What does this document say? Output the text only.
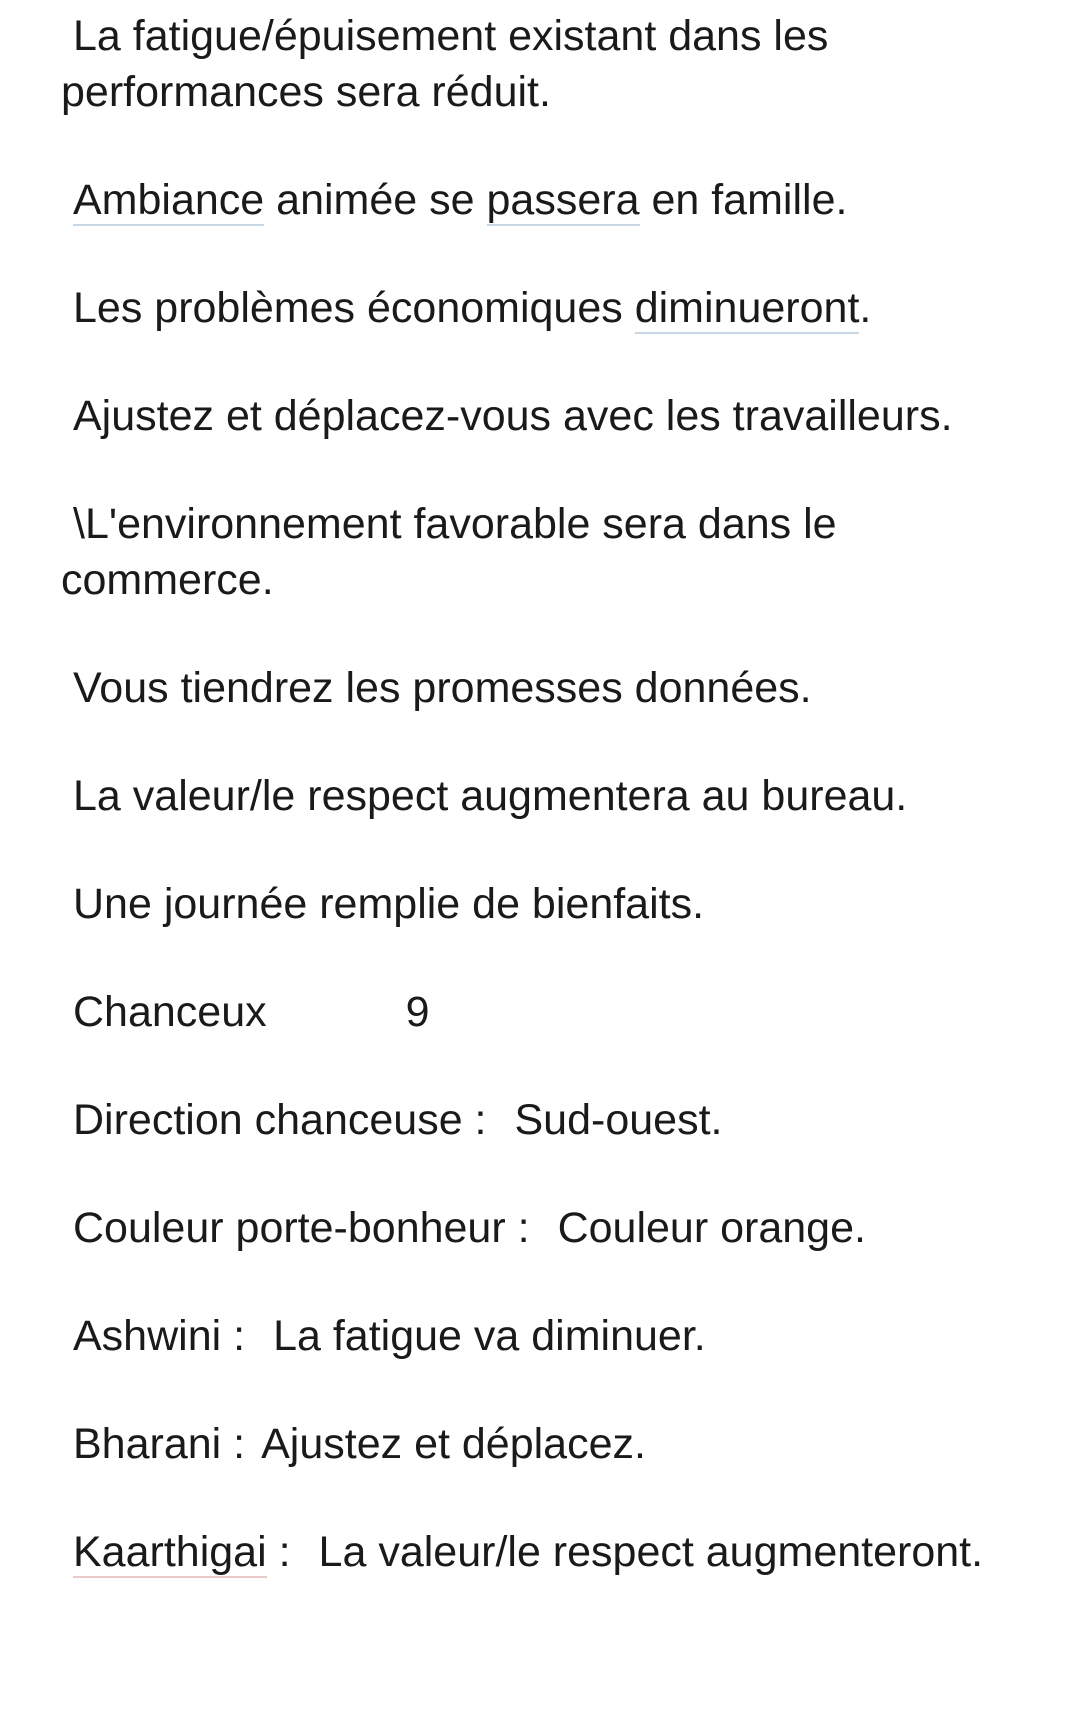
La fatigue/épuisement existant dans les performances sera réduit.

Ambiance animée se passera en famille.

Les problèmes économiques diminueront.

Ajustez et déplacez-vous avec les travailleurs.

\L'environnement favorable sera dans le commerce.

Vous tiendrez les promesses données.

La valeur/le respect augmentera au bureau.

Une journée remplie de bienfaits.

Chanceux	9

Direction chanceuse : Sud-ouest.

Couleur porte-bonheur : Couleur orange.

Ashwini : La fatigue va diminuer.

Bharani : Ajustez et déplacez.

Kaarthigai : La valeur/le respect augmenteront.
